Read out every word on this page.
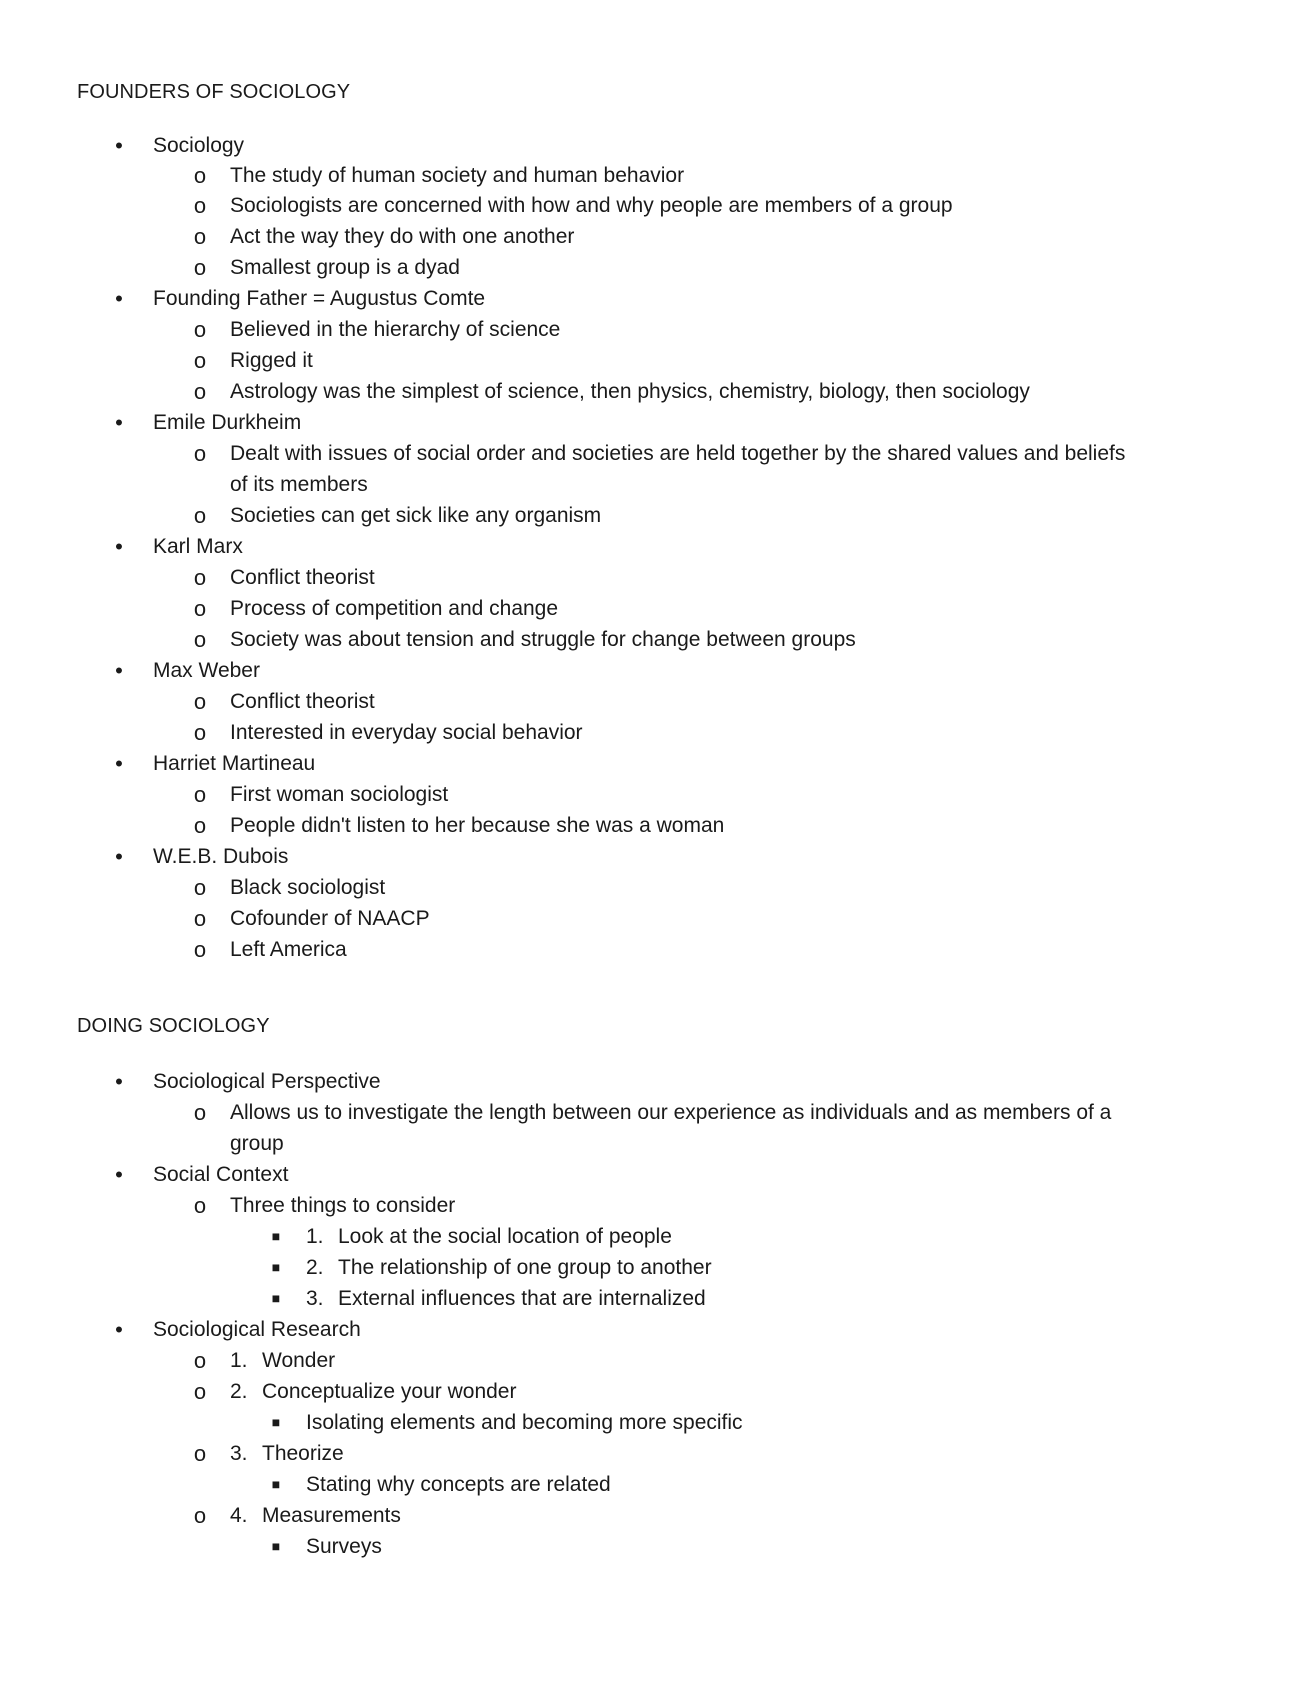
FOUNDERS OF SOCIOLOGY
• Sociology
o The study of human society and human behavior
o Sociologists are concerned with how and why people are members of a group
o Act the way they do with one another
o Smallest group is a dyad
• Founding Father = Augustus Comte
o Believed in the hierarchy of science
o Rigged it
o Astrology was the simplest of science, then physics, chemistry, biology, then sociology
• Emile Durkheim
o Dealt with issues of social order and societies are held together by the shared values and beliefs
of its members
o Societies can get sick like any organism
• Karl Marx
o Conflict theorist
o Process of competition and change
o Society was about tension and struggle for change between groups
• Max Weber
o Conflict theorist
o Interested in everyday social behavior
• Harriet Martineau
o First woman sociologist
o People didn't listen to her because she was a woman
• W.E.B. Dubois
o Black sociologist
o Cofounder of NAACP
o Left America
DOING SOCIOLOGY
• Sociological Perspective
o Allows us to investigate the length between our experience as individuals and as members of a
group
• Social Context
o Three things to consider
■ 1. Look at the social location of people
■ 2. The relationship of one group to another
■ 3. External influences that are internalized
• Sociological Research
o 1. Wonder
o 2. Conceptualize your wonder
■ Isolating elements and becoming more specific
o 3. Theorize
■ Stating why concepts are related
o 4. Measurements
■ Surveys
